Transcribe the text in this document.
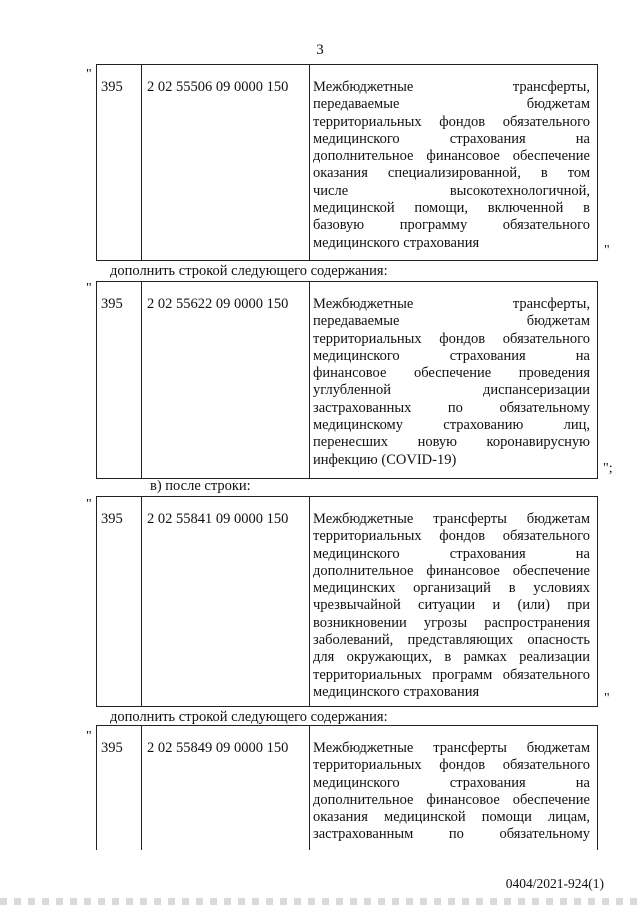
3
"
395 2 02 55506 09 0000 150 Межбюджетные трансферты,
передаваемые бюджетам
территориальных фондов обязательного
медицинского страхования на
дополнительное финансовое обеспечение
оказания специализированной, в том
числе высокотехнологичной,
медицинской помощи, включенной в
базовую программу обязательного
медицинского страхования	"
дополнить строкой следующего содержания:
"
395 2 02 55622 09 0000 150 Межбюджетные трансферты,
передаваемые бюджетам
территориальных фондов обязательного
медицинского страхования на
финансовое обеспечение проведения
углубленной диспансеризации
застрахованных по обязательному
медицинскому страхованию лиц,
перенесших новую коронавирусную
инфекцию (COVID-19)
";
в) после строки:
"
395 2 02 55841 09 0000 150 Межбюджетные трансферты бюджетам
территориальных фондов обязательного
медицинского страхования на
дополнительное финансовое обеспечение
медицинских организаций в условиях
чрезвычайной ситуации и (или) при
возникновении угрозы распространения
заболеваний, представляющих опасность
для окружающих, в рамках реализации
территориальных программ обязательного
медицинского страхования	"
дополнить строкой следующего содержания:
"
395 2 02 55849 09 0000 150 Межбюджетные трансферты бюджетам
территориальных фондов обязательного
медицинского страхования на
дополнительное финансовое обеспечение
оказания медицинской помощи лицам,
застрахованным по обязательному
0404/2021-924(1)
